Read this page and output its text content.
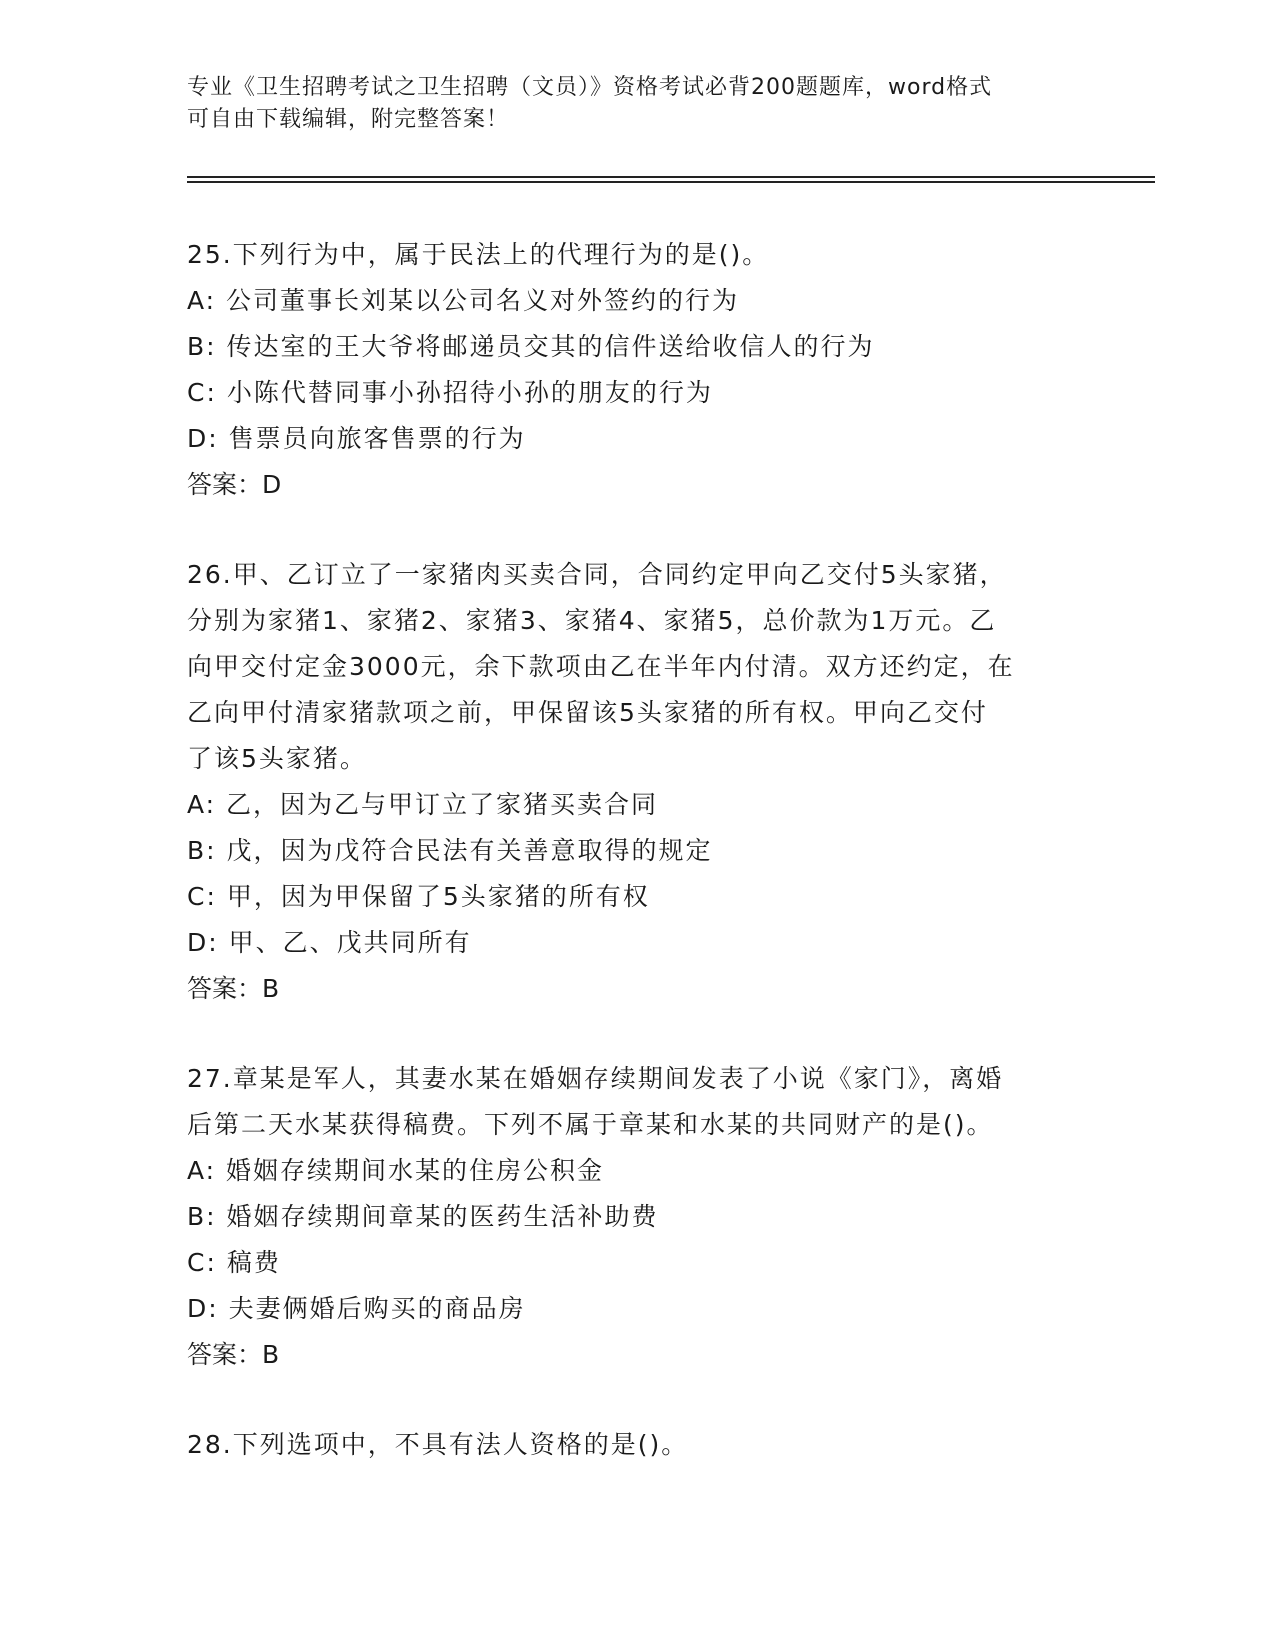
专业《卫生招聘考试之卫生招聘（文员）》资格考试必背200题题库，word格式
可自由下载编辑，附完整答案！
25.下列行为中，属于民法上的代理行为的是()。
A: 公司董事长刘某以公司名义对外签约的行为
B: 传达室的王大爷将邮递员交其的信件送给收信人的行为
C: 小陈代替同事小孙招待小孙的朋友的行为
D: 售票员向旅客售票的行为
答案：D
26.甲、乙订立了一家猪肉买卖合同，合同约定甲向乙交付5头家猪，
分别为家猪1、家猪2、家猪3、家猪4、家猪5，总价款为1万元。乙
向甲交付定金3000元，余下款项由乙在半年内付清。双方还约定，在
乙向甲付清家猪款项之前，甲保留该5头家猪的所有权。甲向乙交付
了该5头家猪。
A: 乙，因为乙与甲订立了家猪买卖合同
B: 戊，因为戊符合民法有关善意取得的规定
C: 甲，因为甲保留了5头家猪的所有权
D: 甲、乙、戊共同所有
答案：B
27.章某是军人，其妻水某在婚姻存续期间发表了小说《家门》，离婚
后第二天水某获得稿费。下列不属于章某和水某的共同财产的是()。
A: 婚姻存续期间水某的住房公积金
B: 婚姻存续期间章某的医药生活补助费
C: 稿费
D: 夫妻俩婚后购买的商品房
答案：B
28.下列选项中，不具有法人资格的是()。
